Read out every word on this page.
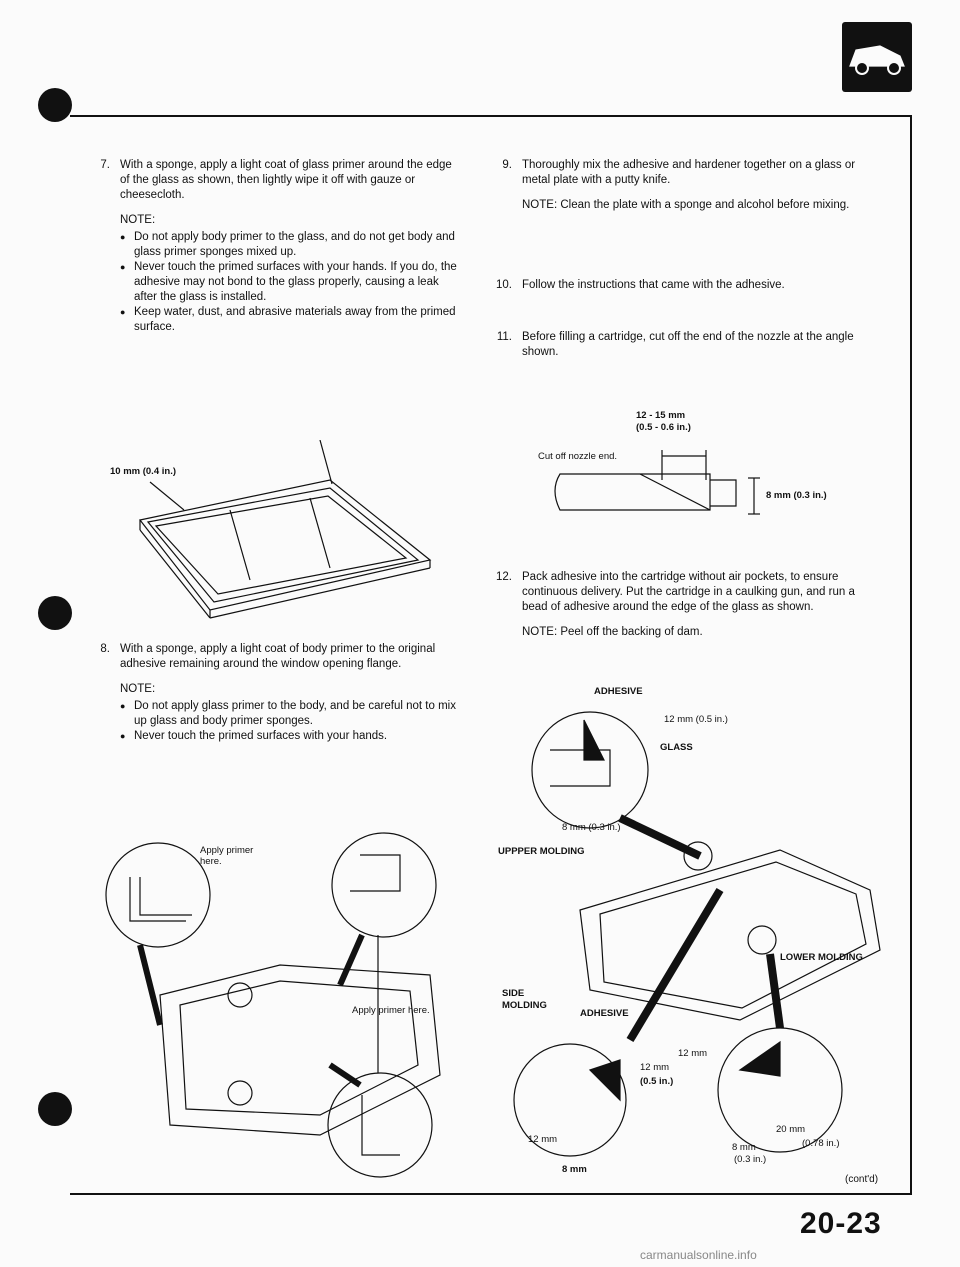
7. With a sponge, apply a light coat of glass primer around the edge of the glass as shown, then lightly wipe it off with gauze or cheesecloth.
NOTE:
● Do not apply body primer to the glass, and do not get body and glass primer sponges mixed up.
● Never touch the primed surfaces with your hands. If you do, the adhesive may not bond to the glass properly, causing a leak after the glass is installed.
● Keep water, dust, and abrasive materials away from the primed surface.
10 mm (0.4 in.)
8. With a sponge, apply a light coat of body primer to the original adhesive remaining around the window opening flange.
NOTE:
● Do not apply glass primer to the body, and be careful not to mix up glass and body primer sponges.
● Never touch the primed surfaces with your hands.
Apply primer here.
Apply primer here.
9. Thoroughly mix the adhesive and hardener together on a glass or metal plate with a putty knife.
NOTE: Clean the plate with a sponge and alcohol before mixing.
10. Follow the instructions that came with the adhesive.
11. Before filling a cartridge, cut off the end of the nozzle at the angle shown.
12 - 15 mm
(0.5 - 0.6 in.)
Cut off nozzle end.
8 mm (0.3 in.)
12. Pack adhesive into the cartridge without air pockets, to ensure continuous delivery. Put the cartridge in a caulking gun, and run a bead of adhesive around the edge of the glass as shown.
NOTE: Peel off the backing of dam.
ADHESIVE
12 mm (0.5 in.)
GLASS
8 mm (0.3 in.)
UPPPER MOLDING
LOWER MOLDING
SIDE
MOLDING
ADHESIVE
12 mm
12 mm
(0.5 in.)
12 mm
8 mm
20 mm
(0.78 in.)
8 mm
(0.3 in.)
(cont'd)
20-23
carmanualsonline.info
